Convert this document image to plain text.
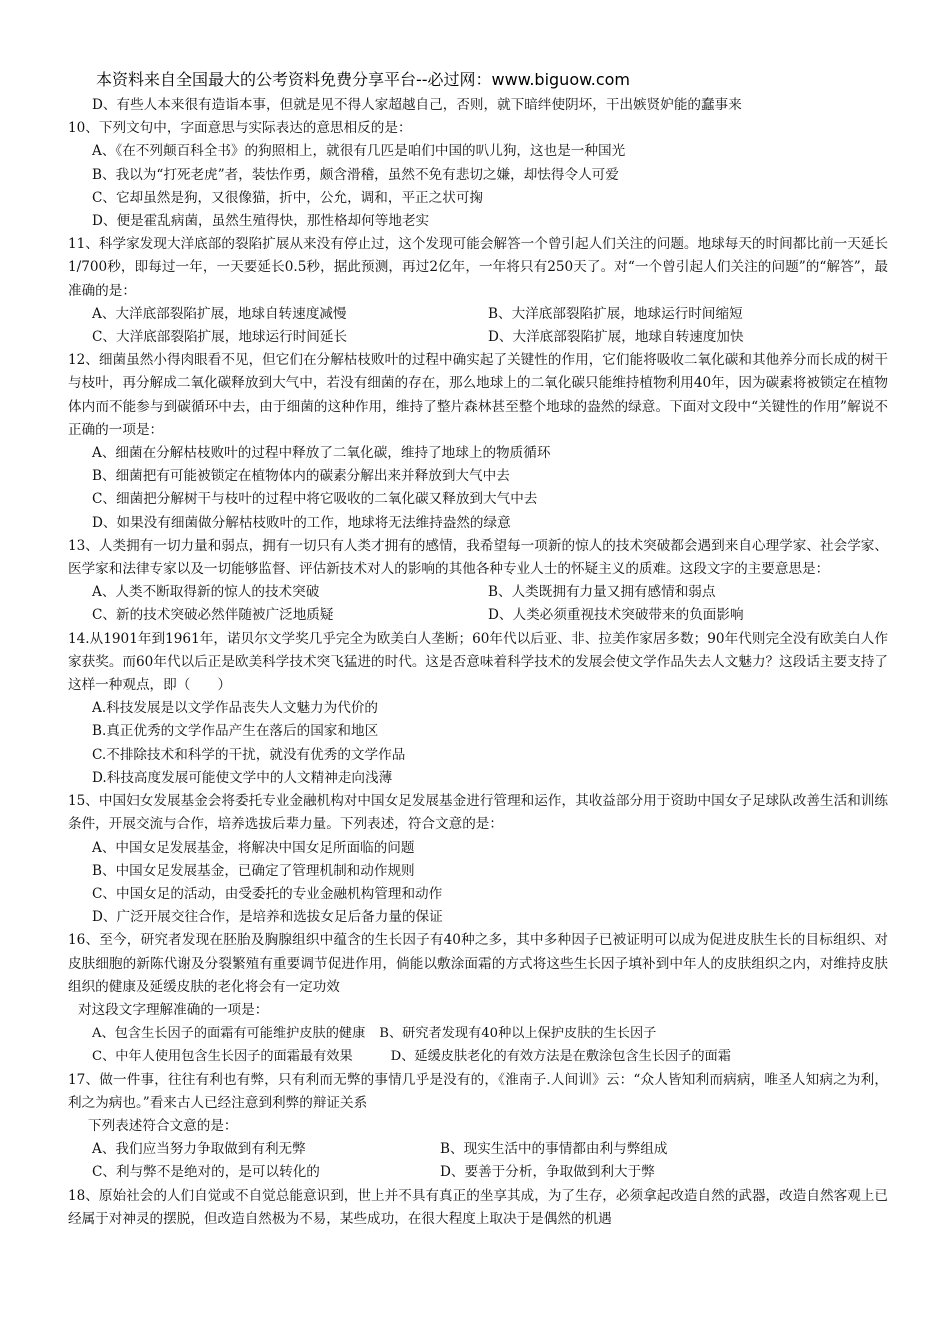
本资料来自全国最大的公考资料免费分享平台--必过网：www.biguow.com
D、有些人本来很有造诣本事，但就是见不得人家超越自己，否则，就下暗绊使阴坏，干出嫉贤妒能的蠢事来

10、下列文句中，字面意思与实际表达的意思相反的是：

A、《在不列颠百科全书》的狗照相上，就很有几匹是咱们中国的叭儿狗，这也是一种国光
B、我以为“打死老虎”者，装怯作勇，颇含滑稽，虽然不免有悲切之嫌，却怯得令人可爱
C、它却虽然是狗，又很像猫，折中，公允，调和，平正之状可掬
D、便是霍乱病菌，虽然生殖得快，那性格却何等地老实

11、科学家发现大洋底部的裂陷扩展从来没有停止过，这个发现可能会解答一个曾引起人们关注的问题。地球每天的时间都比前一天延长1/700秒，即每过一年，一天要延长0.5秒，据此预测，再过2亿年，一年将只有250天了。对“一个曾引起人们关注的问题”的“解答”，最准确的是：

A、大洋底部裂陷扩展，地球自转速度减慢	B、大洋底部裂陷扩展，地球运行时间缩短
C、大洋底部裂陷扩展，地球运行时间延长	D、大洋底部裂陷扩展，地球自转速度加快

12、细菌虽然小得肉眼看不见，但它们在分解枯枝败叶的过程中确实起了关键性的作用，它们能将吸收二氧化碳和其他养分而长成的树干与枝叶，再分解成二氧化碳释放到大气中，若没有细菌的存在，那么地球上的二氧化碳只能维持植物利用40年，因为碳素将被锁定在植物体内而不能参与到碳循环中去，由于细菌的这种作用，维持了整片森林甚至整个地球的盎然的绿意。下面对文段中“关键性的作用”解说不正确的一项是：

A、细菌在分解枯枝败叶的过程中释放了二氧化碳，维持了地球上的物质循环
B、细菌把有可能被锁定在植物体内的碳素分解出来并释放到大气中去
C、细菌把分解树干与枝叶的过程中将它吸收的二氧化碳又释放到大气中去
D、如果没有细菌做分解枯枝败叶的工作，地球将无法维持盎然的绿意

13、人类拥有一切力量和弱点，拥有一切只有人类才拥有的感情，我希望每一项新的惊人的技术突破都会遇到来自心理学家、社会学家、医学家和法律专家以及一切能够监督、评估新技术对人的影响的其他各种专业人士的怀疑主义的质难。这段文字的主要意思是：

A、人类不断取得新的惊人的技术突破	B、人类既拥有力量又拥有感情和弱点
C、新的技术突破必然伴随被广泛地质疑	D、人类必须重视技术突破带来的负面影响

14.从1901年到1961年，诺贝尔文学奖几乎完全为欧美白人垄断；60年代以后亚、非、拉美作家居多数；90年代则完全没有欧美白人作家获奖。而60年代以后正是欧美科学技术突飞猛进的时代。这是否意味着科学技术的发展会使文学作品失去人文魅力？这段话主要支持了这样一种观点，即（　　）

A.科技发展是以文学作品丧失人文魅力为代价的
B.真正优秀的文学作品产生在落后的国家和地区
C.不排除技术和科学的干扰，就没有优秀的文学作品
D.科技高度发展可能使文学中的人文精神走向浅薄

15、中国妇女发展基金会将委托专业金融机构对中国女足发展基金进行管理和运作，其收益部分用于资助中国女子足球队改善生活和训练条件，开展交流与合作，培养选拔后辈力量。下列表述，符合文意的是：

A、中国女足发展基金，将解决中国女足所面临的问题
B、中国女足发展基金，已确定了管理机制和动作规则
C、中国女足的活动，由受委托的专业金融机构管理和动作
D、广泛开展交往合作，是培养和选拔女足后备力量的保证

16、至今，研究者发现在胚胎及胸腺组织中蕴含的生长因子有40种之多，其中多种因子已被证明可以成为促进皮肤生长的目标组织、对皮肤细胞的新陈代谢及分裂繁殖有重要调节促进作用，倘能以敷涂面霜的方式将这些生长因子填补到中年人的皮肤组织之内，对维持皮肤组织的健康及延缓皮肤的老化将会有一定功效

对这段文字理解准确的一项是：

A、包含生长因子的面霜有可能维护皮肤的健康 B、研究者发现有40种以上保护皮肤的生长因子
C、中年人使用包含生长因子的面霜最有效果	D、延缓皮肤老化的有效方法是在敷涂包含生长因子的面霜

17、做一件事，往往有利也有弊，只有利而无弊的事情几乎是没有的，《淮南子.人间训》云：“众人皆知利而病病，唯圣人知病之为利，利之为病也。”看来古人已经注意到利弊的辩证关系

下列表述符合文意的是：

A、我们应当努力争取做到有利无弊	B、现实生活中的事情都由利与弊组成
C、利与弊不是绝对的，是可以转化的	D、要善于分析，争取做到利大于弊

18、原始社会的人们自觉或不自觉总能意识到，世上并不具有真正的坐享其成，为了生存，必须拿起改造自然的武器，改造自然客观上已经属于对神灵的摆脱，但改造自然极为不易，某些成功，在很大程度上取决于是偶然的机遇
